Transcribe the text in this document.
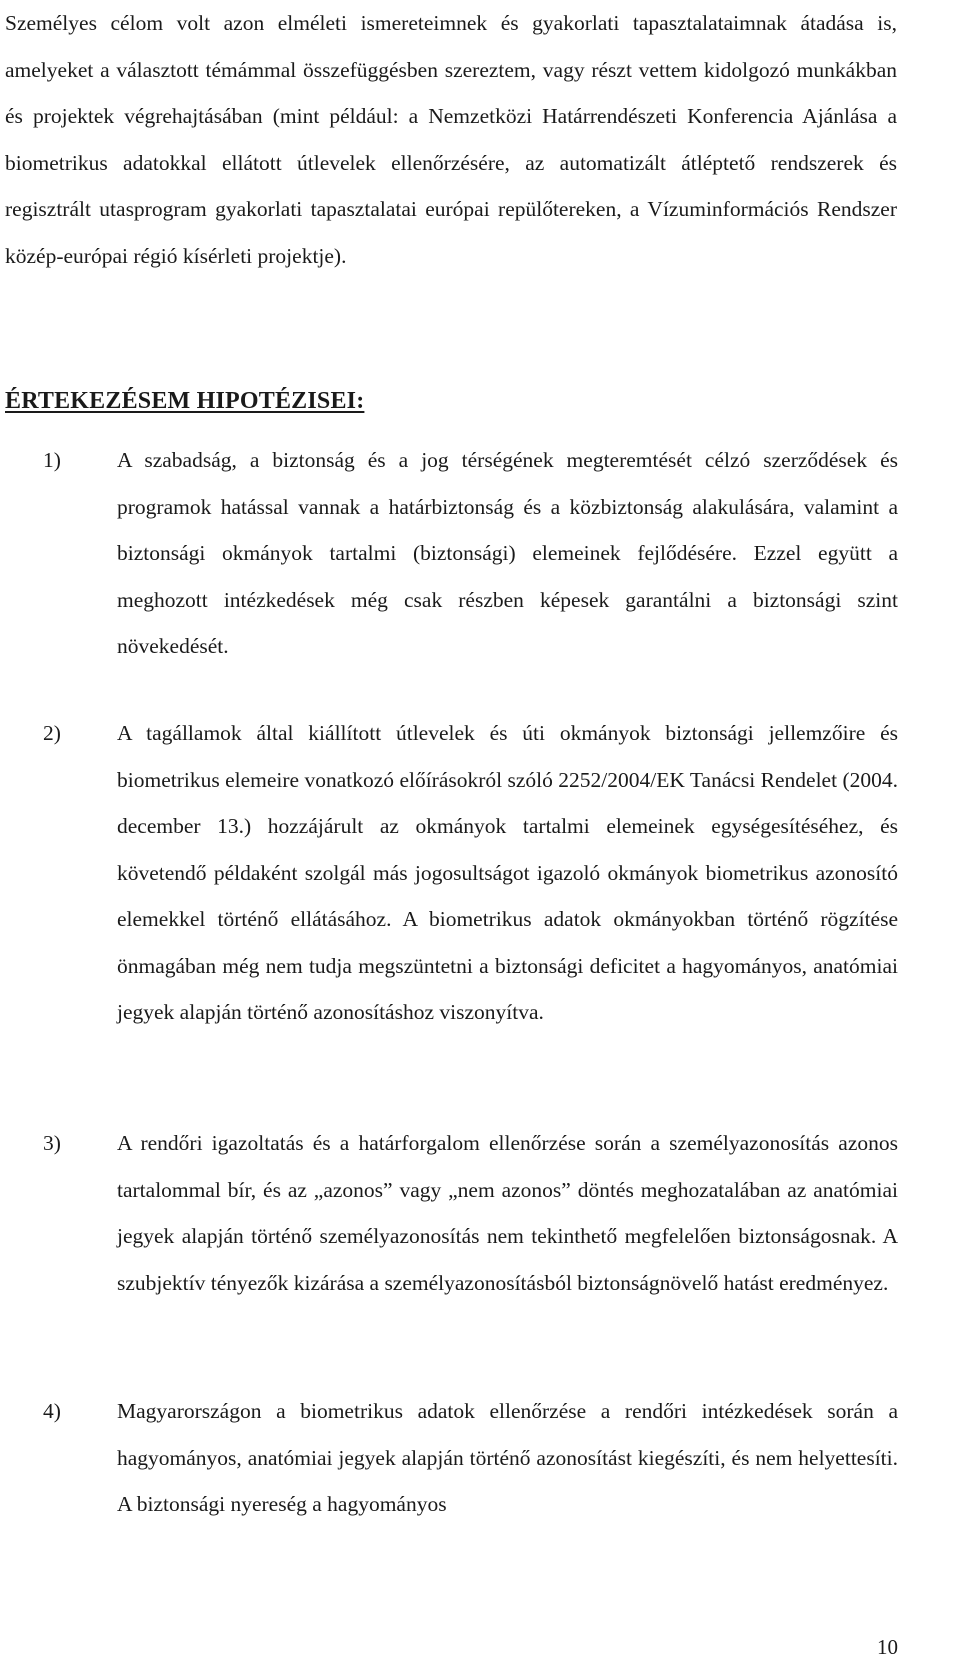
Személyes célom volt azon elméleti ismereteimnek és gyakorlati tapasztalataimnak átadása is, amelyeket a választott témámmal összefüggésben szereztem, vagy részt vettem kidolgozó munkákban és projektek végrehajtásában (mint például: a Nemzetközi Határrendészeti Konferencia Ajánlása a biometrikus adatokkal ellátott útlevelek ellenőrzésére, az automatizált átléptető rendszerek és regisztrált utasprogram gyakorlati tapasztalatai európai repülőtereken, a Vízuminformációs Rendszer közép-európai régió kísérleti projektje).

ÉRTEKEZÉSEM HIPOTÉZISEI:

1)	A szabadság, a biztonság és a jog térségének megteremtését célzó szerződések és programok hatással vannak a határbiztonság és a közbiztonság alakulására, valamint a biztonsági okmányok tartalmi (biztonsági) elemeinek fejlődésére. Ezzel együtt a meghozott intézkedések még csak részben képesek garantálni a biztonsági szint növekedését.

2)	A tagállamok által kiállított útlevelek és úti okmányok biztonsági jellemzőire és biometrikus elemeire vonatkozó előírásokról szóló 2252/2004/EK Tanácsi Rendelet (2004. december 13.) hozzájárult az okmányok tartalmi elemeinek egységesítéséhez, és követendő példaként szolgál más jogosultságot igazoló okmányok biometrikus azonosító elemekkel történő ellátásához. A biometrikus adatok okmányokban történő rögzítése önmagában még nem tudja megszüntetni a biztonsági deficitet a hagyományos, anatómiai jegyek alapján történő azonosításhoz viszonyítva.

3)	A rendőri igazoltatás és a határforgalom ellenőrzése során a személyazonosítás azonos tartalommal bír, és az „azonos” vagy „nem azonos” döntés meghozatalában az anatómiai jegyek alapján történő személyazonosítás nem tekinthető megfelelően biztonságosnak. A szubjektív tényezők kizárása a személyazonosításból biztonságnövelő hatást eredményez.

4)	Magyarországon a biometrikus adatok ellenőrzése a rendőri intézkedések során a hagyományos, anatómiai jegyek alapján történő azonosítást kiegészíti, és nem helyettesíti. A biztonsági nyereség a hagyományos

10
